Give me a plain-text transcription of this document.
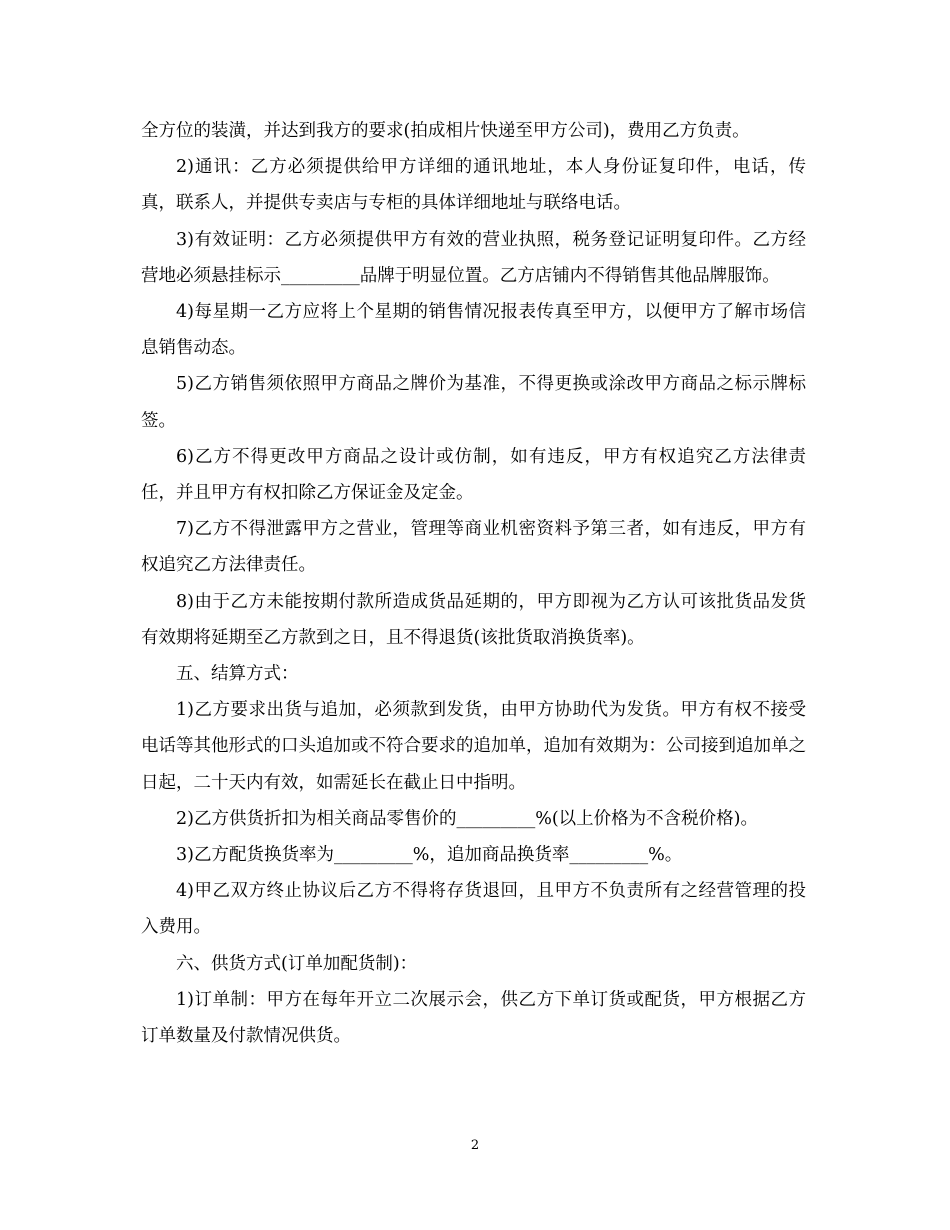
全方位的装潢，并达到我方的要求(拍成相片快递至甲方公司)，费用乙方负责。

2)通讯：乙方必须提供给甲方详细的通讯地址，本人身份证复印件，电话，传真，联系人，并提供专卖店与专柜的具体详细地址与联络电话。

3)有效证明：乙方必须提供甲方有效的营业执照，税务登记证明复印件。乙方经营地必须悬挂标示_________品牌于明显位置。乙方店铺内不得销售其他品牌服饰。

4)每星期一乙方应将上个星期的销售情况报表传真至甲方，以便甲方了解市场信息销售动态。

5)乙方销售须依照甲方商品之牌价为基准，不得更换或涂改甲方商品之标示牌标签。

6)乙方不得更改甲方商品之设计或仿制，如有违反，甲方有权追究乙方法律责任，并且甲方有权扣除乙方保证金及定金。

7)乙方不得泄露甲方之营业，管理等商业机密资料予第三者，如有违反，甲方有权追究乙方法律责任。

8)由于乙方未能按期付款所造成货品延期的，甲方即视为乙方认可该批货品发货有效期将延期至乙方款到之日，且不得退货(该批货取消换货率)。

五、结算方式：

1)乙方要求出货与追加，必须款到发货，由甲方协助代为发货。甲方有权不接受电话等其他形式的口头追加或不符合要求的追加单，追加有效期为：公司接到追加单之日起，二十天内有效，如需延长在截止日中指明。

2)乙方供货折扣为相关商品零售价的_________%(以上价格为不含税价格)。

3)乙方配货换货率为_________%，追加商品换货率_________%。

4)甲乙双方终止协议后乙方不得将存货退回，且甲方不负责所有之经营管理的投入费用。

六、供货方式(订单加配货制)：

1)订单制：甲方在每年开立二次展示会，供乙方下单订货或配货，甲方根据乙方订单数量及付款情况供货。

2
